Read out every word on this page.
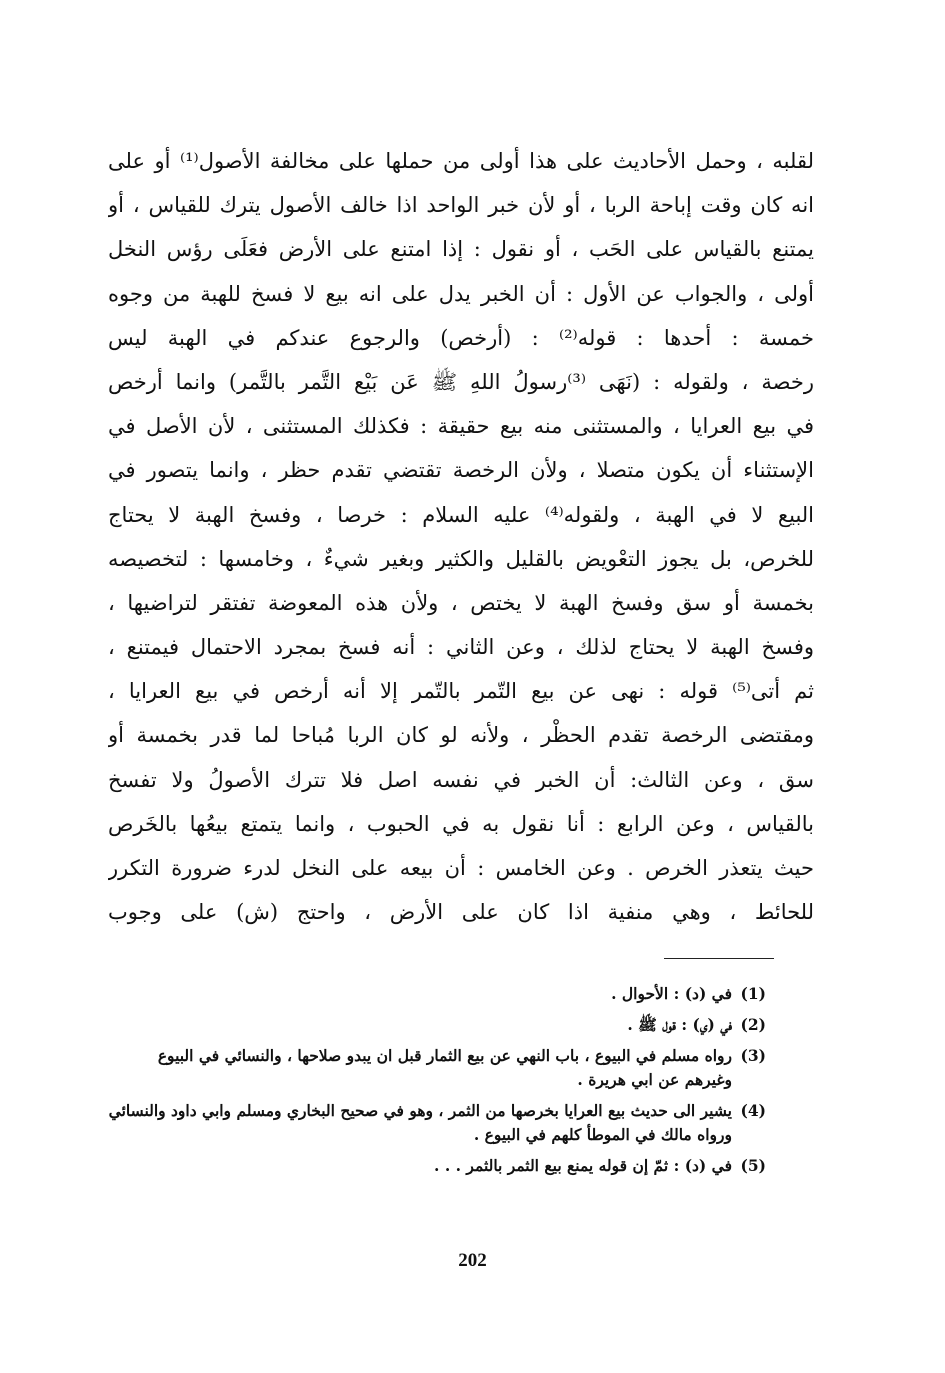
لقلبه ، وحمل الأحاديث على هذا أولى من حملها على مخالفة الأصول⁽¹⁾ أو على
انه كان وقت إباحة الربا ، أو لأن خبر الواحد اذا خالف الأصول يترك للقياس ، أو
يمتنع بالقياس على الحَب ، أو نقول : إذا امتنع على الأرض فعَلَى رؤس النخل
أولى ، والجواب عن الأول : أن الخبر يدل على انه بيع لا فسخ للهبة من وجوه
خمسة : أحدها : قوله⁽²⁾ : (أرخص) والرجوع عندكم في الهبة ليس
رخصة ، ولقوله : (نَهَى ⁽³⁾رسولُ اللهِ ﷺ عَن بَيْع التَّمر بالتَّمر) وانما أرخص
في بيع العرايا ، والمستثنى منه بيع حقيقة : فكذلك المستثنى ، لأن الأصل في
الإستثناء أن يكون متصلا ، ولأن الرخصة تقتضي تقدم حظر ، وانما يتصور في
البيع لا في الهبة ، ولقوله⁽⁴⁾ عليه السلام : خرصا ، وفسخ الهبة لا يحتاج
للخرص، بل يجوز التعْويض بالقليل والكثير وبغير شيءٌ ، وخامسها : لتخصيصه
بخمسة أو سق وفسخ الهبة لا يختص ، ولأن هذه المعوضة تفتقر لتراضيها ،
وفسخ الهبة لا يحتاج لذلك ، وعن الثاني : أنه فسخ بمجرد الاحتمال فيمتنع ،
ثم أتى⁽⁵⁾ قوله : نهى عن بيع التّمر بالتّمر إلا أنه أرخص في بيع العرايا ،
ومقتضى الرخصة تقدم الحظْر ، ولأنه لو كان الربا مُباحا لما قدر بخمسة أو
سق ، وعن الثالث: أن الخبر في نفسه اصل فلا تترك الأصولُ ولا تفسخ
بالقياس ، وعن الرابع : أنا نقول به في الحبوب ، وانما يتمتع بيعُها بالخَرص
حيث يتعذر الخرص . وعن الخامس : أن بيعه على النخل لدرء ضرورة التكرر
للحائط ، وهي منفية اذا كان على الأرض ، واحتج (ش) على وجوب
(1)
في (د) : الأحوال .
(2)
في (ي) : قول ﷺ .
(3)
رواه مسلم في البيوع ، باب النهي عن بيع الثمار قبل ان يبدو صلاحها ، والنسائي في البيوع وغيرهم عن ابي هريرة .
(4)
يشير الى حديث بيع العرايا بخرصها من الثمر ، وهو في صحيح البخاري ومسلم وابي داود والنسائي ورواه مالك في الموطأ كلهم في البيوع .
(5)
في (د) : ثمّ إن قوله يمنع بيع الثمر بالثمر . . .
202
